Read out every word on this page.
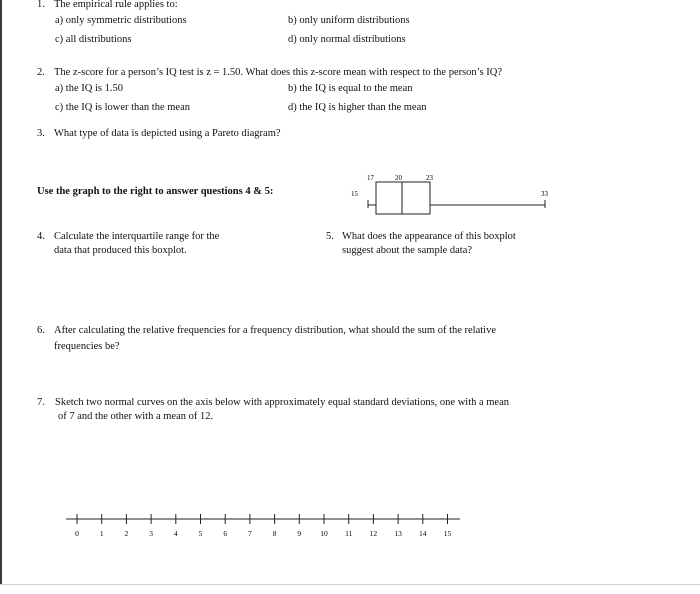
1. The empirical rule applies to:
a) only symmetric distributions	b) only uniform distributions
c) all distributions	d) only normal distributions
2. The z-score for a person’s IQ test is z = 1.50. What does this z-score mean with respect to the person’s IQ?
a) the IQ is 1.50	b) the IQ is equal to the mean
c) the IQ is lower than the mean	d) the IQ is higher than the mean
3. What type of data is depicted using a Pareto diagram?
Use the graph to the right to answer questions 4 & 5:	15
17	20	23
33
4. Calculate the interquartile range for the
data that produced this boxplot.
5. What does the appearance of this boxplot
suggest about the sample data?
6. After calculating the relative frequencies for a frequency distribution, what should the sum of the relative
frequencies be?
7. Sketch two normal curves on the axis below with approximately equal standard deviations, one with a mean
of 7 and the other with a mean of 12.
0	1	2	3	4	5	6	7	8	9	10 11 12 13 14 15
